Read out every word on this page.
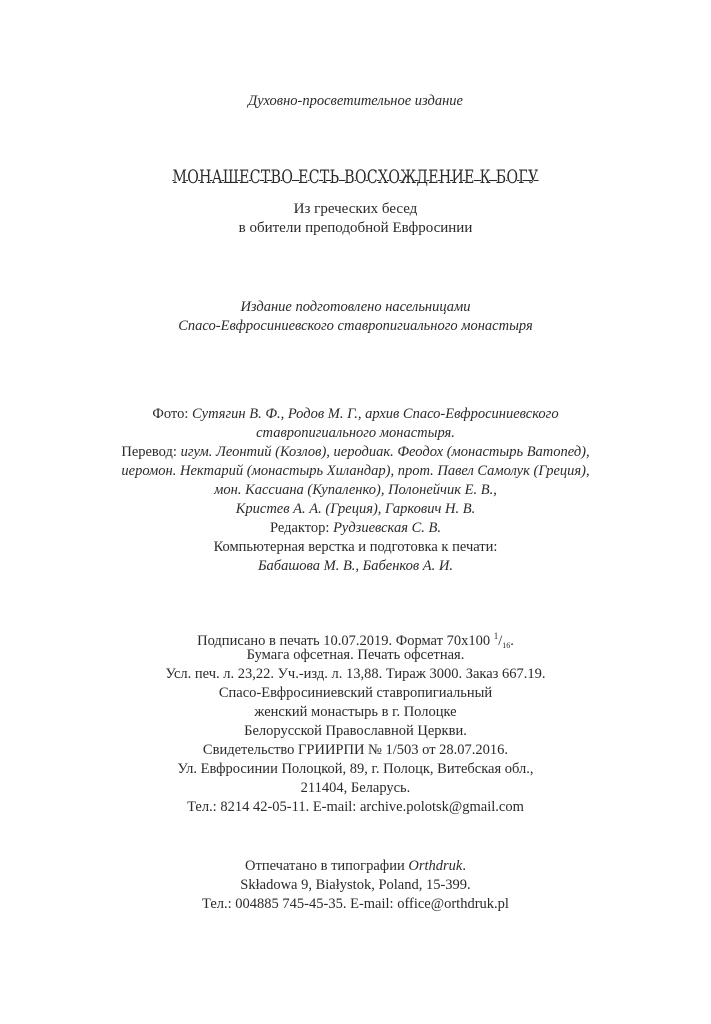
Духовно-просветительное издание
МОНАШЕСТВО ЕСТЬ ВОСХОЖДЕНИЕ К БОГУ
Из греческих бесед
в обители преподобной Евфросинии
Издание подготовлено насельницами
Спасо-Евфросиниевского ставропигиального монастыря
Фото: Сутягин В. Ф., Родов М. Г., архив Спасо-Евфросиниевского
ставропигиального монастыря.
Перевод: игум. Леонтий (Козлов), иеродиак. Феодох (монастырь Ватопед),
иеромон. Нектарий (монастырь Хиландар), прот. Павел Самолук (Греция),
мон. Кассиана (Купаленко), Полонейчик Е. В.,
Кристев А. А. (Греция), Гаркович Н. В.
Редактор: Рудзиевская С. В.
Компьютерная верстка и подготовка к печати:
Бабашова М. В., Бабенков А. И.
Подписано в печать 10.07.2019. Формат 70х100 $^1/_{16}$.
Бумага офсетная. Печать офсетная.
Усл. печ. л. 23,22. Уч.-изд. л. 13,88. Тираж 3000. Заказ 667.19.
Спасо-Евфросиниевский ставропигиальный
женский монастырь в г. Полоцке
Белорусской Православной Церкви.
Свидетельство ГРИИРПИ № 1/503 от 28.07.2016.
Ул. Евфросинии Полоцкой, 89, г. Полоцк, Витебская обл.,
211404, Беларусь.
Тел.: 8214 42-05-11. E-mail: archive.polotsk@gmail.com
Отпечатано в типографии Orthdruk.
Składowa 9, Białystok, Poland, 15-399.
Тел.: 004885 745-45-35. E-mail: office@orthdruk.pl
